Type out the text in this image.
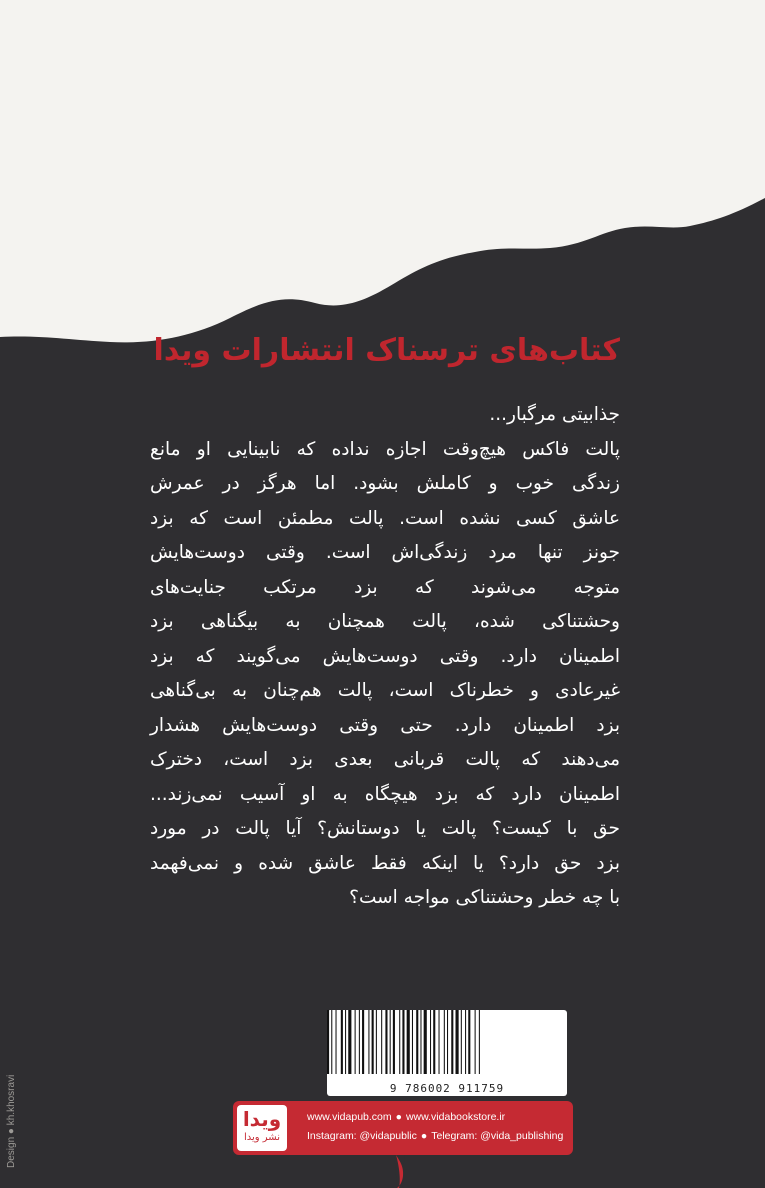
کتاب‌های ترسناک انتشارات ویدا
جذابیتی مرگبار...
پالت فاکس هیچ‌وقت اجازه نداده که نابینایی او مانع
زندگی خوب و کاملش بشود. اما هرگز در عمرش
عاشق کسی نشده است. پالت مطمئن است که بزد
جونز تنها مرد زندگی‌اش است. وقتی دوست‌هایش
متوجه می‌شوند که بزد مرتکب جنایت‌های
وحشتناکی شده، پالت همچنان به بیگناهی بزد
اطمینان دارد. وقتی دوست‌هایش می‌گویند که بزد
غیرعادی و خطرناک است، پالت هم‌چنان به بی‌گناهی
بزد اطمینان دارد. حتی وقتی دوست‌هایش هشدار
می‌دهند که پالت قربانی بعدی بزد است، دخترک
اطمینان دارد که بزد هیچگاه به او آسیب نمی‌زند...
حق با کیست؟ پالت یا دوستانش؟ آیا پالت در مورد
بزد حق دارد؟ یا اینکه فقط عاشق شده و نمی‌فهمد
با چه خطر وحشتناکی مواجه است؟
9 786002 911759
ویدا
نشر ویدا
www.vidapub.com ● www.vidabookstore.ir
Instagram: @vidapublic ● Telegram: @vida_publishing
Design ● kh.khosravi
